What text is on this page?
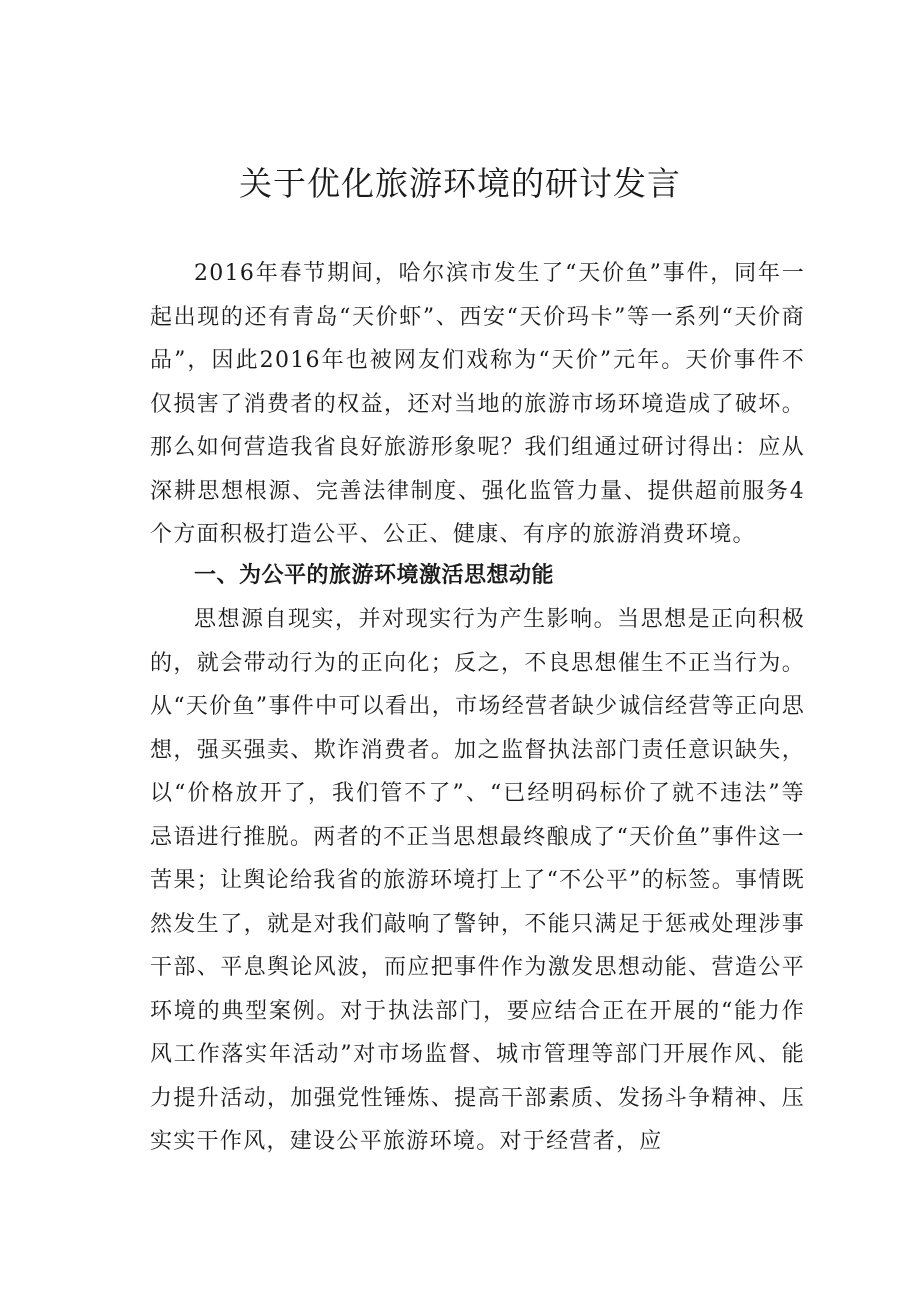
关于优化旅游环境的研讨发言

2016年春节期间，哈尔滨市发生了“天价鱼”事件，同年一起出现的还有青岛“天价虾”、西安“天价玛卡”等一系列“天价商品”，因此2016年也被网友们戏称为“天价”元年。天价事件不仅损害了消费者的权益，还对当地的旅游市场环境造成了破坏。那么如何营造我省良好旅游形象呢？我们组通过研讨得出：应从深耕思想根源、完善法律制度、强化监管力量、提供超前服务4个方面积极打造公平、公正、健康、有序的旅游消费环境。

一、为公平的旅游环境激活思想动能

思想源自现实，并对现实行为产生影响。当思想是正向积极的，就会带动行为的正向化；反之，不良思想催生不正当行为。从“天价鱼”事件中可以看出，市场经营者缺少诚信经营等正向思想，强买强卖、欺诈消费者。加之监督执法部门责任意识缺失，以“价格放开了，我们管不了”、“已经明码标价了就不违法”等忌语进行推脱。两者的不正当思想最终酿成了“天价鱼”事件这一苦果；让舆论给我省的旅游环境打上了“不公平”的标签。事情既然发生了，就是对我们敲响了警钟，不能只满足于惩戒处理涉事干部、平息舆论风波，而应把事件作为激发思想动能、营造公平环境的典型案例。对于执法部门，要应结合正在开展的“能力作风工作落实年活动”对市场监督、城市管理等部门开展作风、能力提升活动，加强党性锤炼、提高干部素质、发扬斗争精神、压实实干作风，建设公平旅游环境。对于经营者，应
